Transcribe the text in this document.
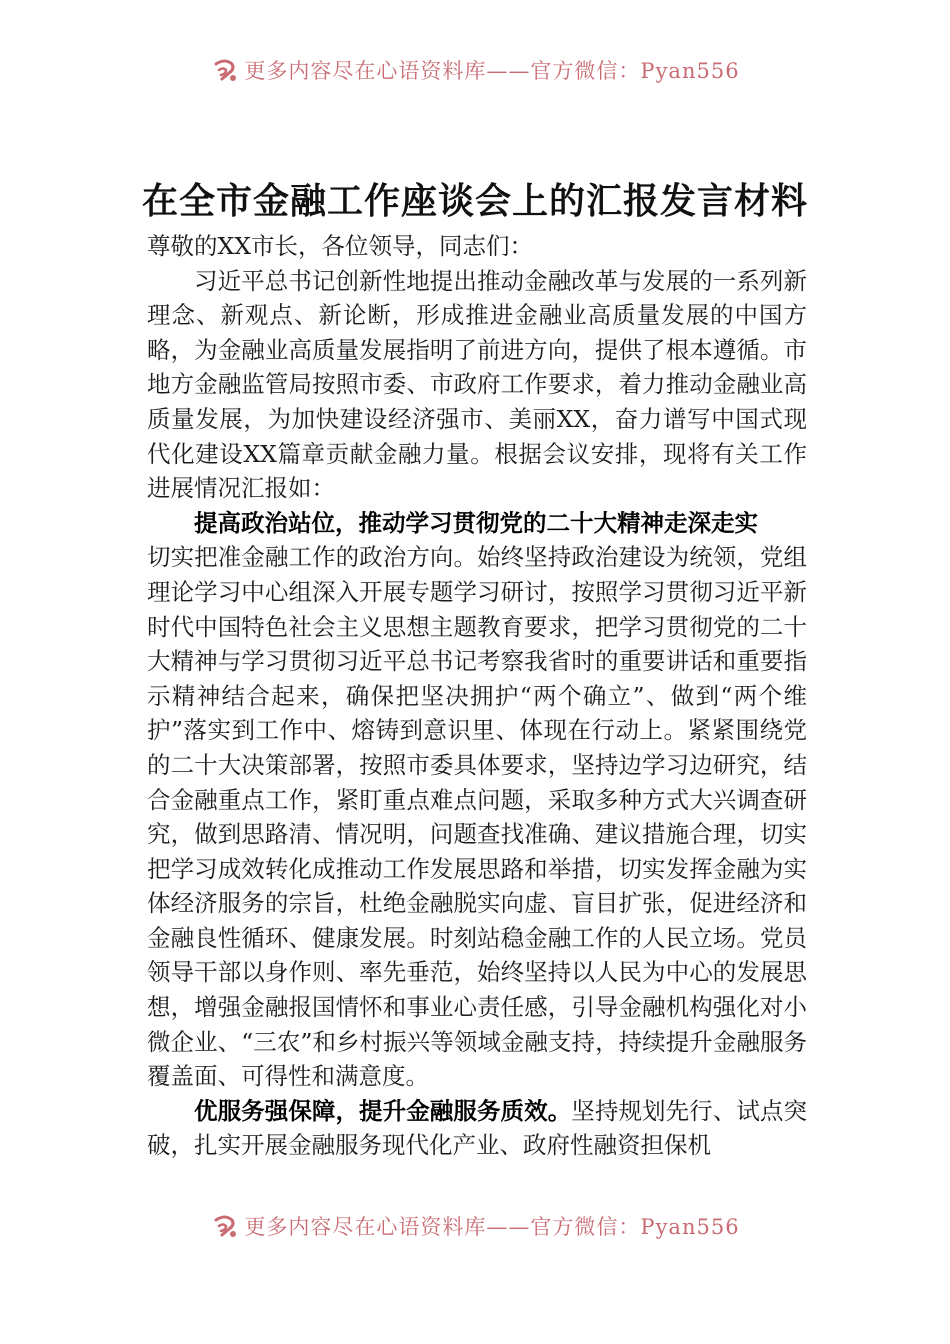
更多内容尽在心语资料库——官方微信：Pyan556
在全市金融工作座谈会上的汇报发言材料

尊敬的XX市长，各位领导，同志们：

习近平总书记创新性地提出推动金融改革与发展的一系列新理念、新观点、新论断，形成推进金融业高质量发展的中国方略，为金融业高质量发展指明了前进方向，提供了根本遵循。市地方金融监管局按照市委、市政府工作要求，着力推动金融业高质量发展，为加快建设经济强市、美丽XX，奋力谱写中国式现代化建设XX篇章贡献金融力量。根据会议安排，现将有关工作进展情况汇报如：

提高政治站位，推动学习贯彻党的二十大精神走深走实

切实把准金融工作的政治方向。始终坚持政治建设为统领，党组理论学习中心组深入开展专题学习研讨，按照学习贯彻习近平新时代中国特色社会主义思想主题教育要求，把学习贯彻党的二十大精神与学习贯彻习近平总书记考察我省时的重要讲话和重要指示精神结合起来，确保把坚决拥护“两个确立”、做到“两个维护”落实到工作中、熔铸到意识里、体现在行动上。紧紧围绕党的二十大决策部署，按照市委具体要求，坚持边学习边研究，结合金融重点工作，紧盯重点难点问题，采取多种方式大兴调查研究，做到思路清、情况明，问题查找准确、建议措施合理，切实把学习成效转化成推动工作发展思路和举措，切实发挥金融为实体经济服务的宗旨，杜绝金融脱实向虚、盲目扩张，促进经济和金融良性循环、健康发展。时刻站稳金融工作的人民立场。党员领导干部以身作则、率先垂范，始终坚持以人民为中心的发展思想，增强金融报国情怀和事业心责任感，引导金融机构强化对小微企业、“三农”和乡村振兴等领域金融支持，持续提升金融服务覆盖面、可得性和满意度。

优服务强保障，提升金融服务质效。坚持规划先行、试点突破，扎实开展金融服务现代化产业、政府性融资担保机

更多内容尽在心语资料库——官方微信：Pyan556
